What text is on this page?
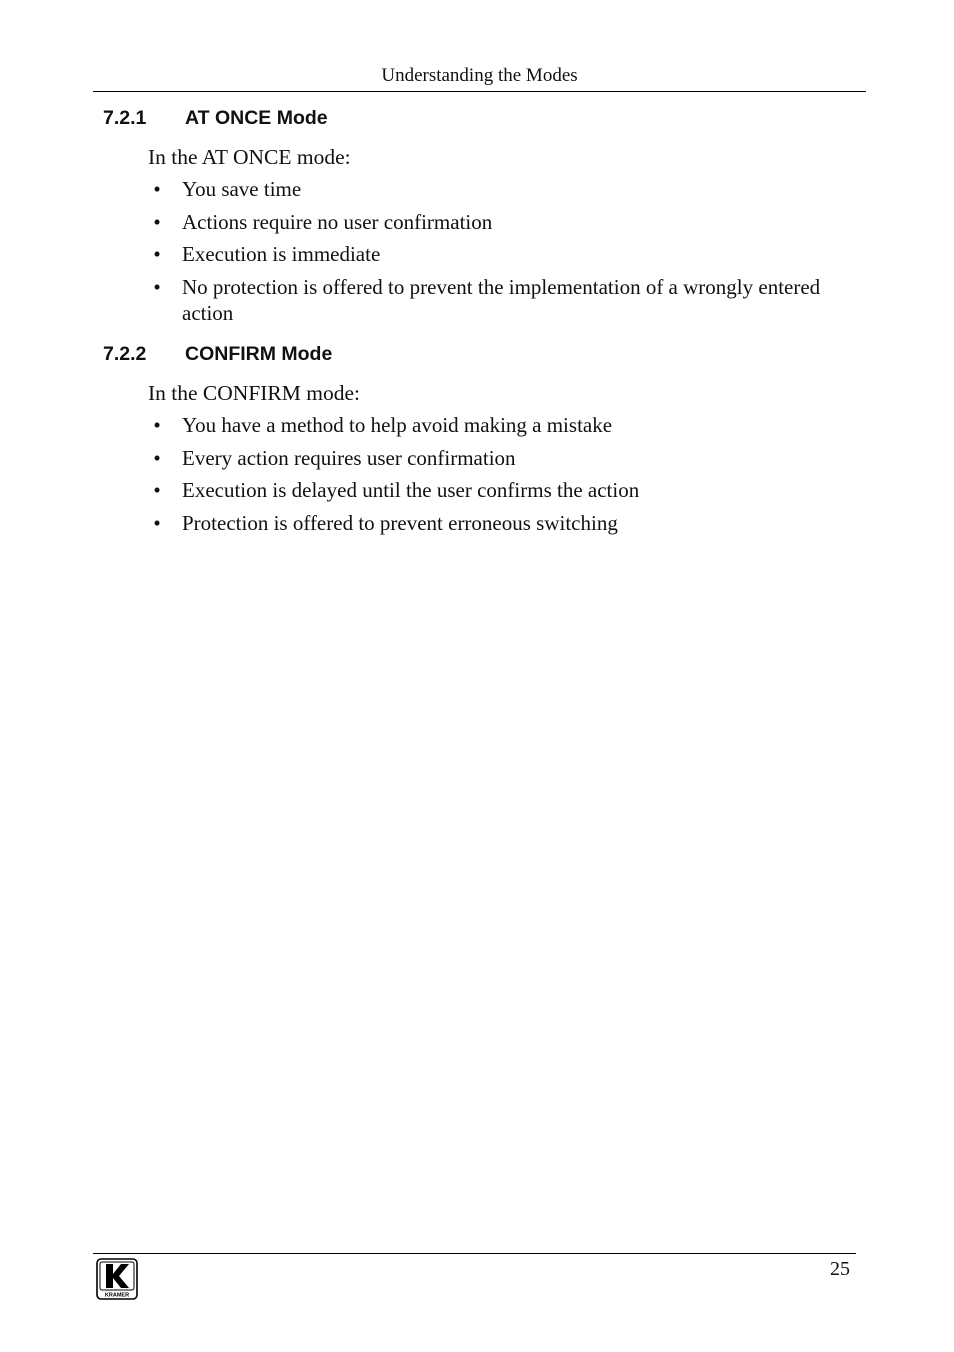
Understanding the Modes
7.2.1 AT ONCE Mode
In the AT ONCE mode:
• You save time
• Actions require no user confirmation
• Execution is immediate
• No protection is offered to prevent the implementation of a wrongly entered action
7.2.2 CONFIRM Mode
In the CONFIRM mode:
• You have a method to help avoid making a mistake
• Every action requires user confirmation
• Execution is delayed until the user confirms the action
• Protection is offered to prevent erroneous switching
KRAMER
25
